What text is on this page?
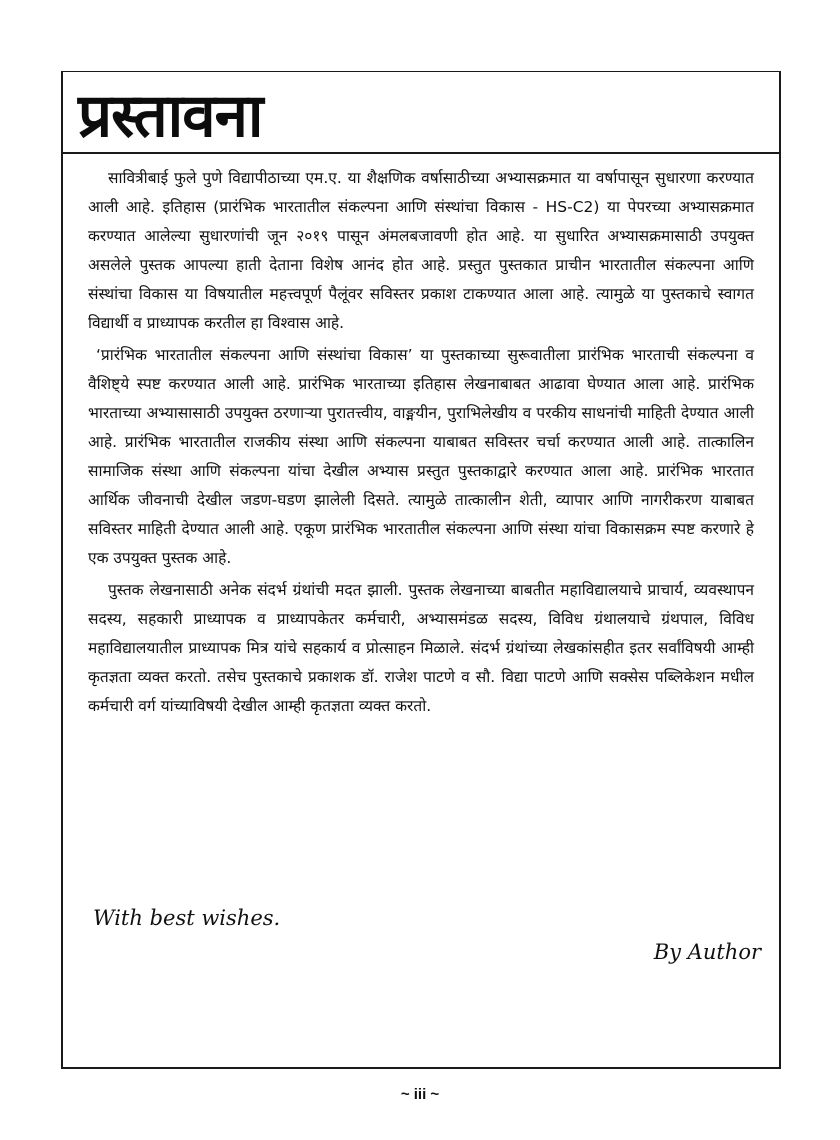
प्रस्तावना

सावित्रीबाई फुले पुणे विद्यापीठाच्या एम.ए. या शैक्षणिक वर्षासाठीच्या अभ्यासक्रमात या वर्षापासून सुधारणा करण्यात आली आहे. इतिहास (प्रारंभिक भारतातील संकल्पना आणि संस्थांचा विकास - HS-C2) या पेपरच्या अभ्यासक्रमात करण्यात आलेल्या सुधारणांची जून २०१९ पासून अंमलबजावणी होत आहे. या सुधारित अभ्यासक्रमासाठी उपयुक्त असलेले पुस्तक आपल्या हाती देताना विशेष आनंद होत आहे. प्रस्तुत पुस्तकात प्राचीन भारतातील संकल्पना आणि संस्थांचा विकास या विषयातील महत्त्वपूर्ण पैलूंवर सविस्तर प्रकाश टाकण्यात आला आहे. त्यामुळे या पुस्तकाचे स्वागत विद्यार्थी व प्राध्यापक करतील हा विश्वास आहे.

‘प्रारंभिक भारतातील संकल्पना आणि संस्थांचा विकास’ या पुस्तकाच्या सुरूवातीला प्रारंभिक भारताची संकल्पना व वैशिष्ट्ये स्पष्ट करण्यात आली आहे. प्रारंभिक भारताच्या इतिहास लेखनाबाबत आढावा घेण्यात आला आहे. प्रारंभिक भारताच्या अभ्यासासाठी उपयुक्त ठरणाऱ्या पुरातत्त्वीय, वाङ्मयीन, पुराभिलेखीय व परकीय साधनांची माहिती देण्यात आली आहे. प्रारंभिक भारतातील राजकीय संस्था आणि संकल्पना याबाबत सविस्तर चर्चा करण्यात आली आहे. तात्कालिन सामाजिक संस्था आणि संकल्पना यांचा देखील अभ्यास प्रस्तुत पुस्तकाद्वारे करण्यात आला आहे. प्रारंभिक भारतात आर्थिक जीवनाची देखील जडण-घडण झालेली दिसते. त्यामुळे तात्कालीन शेती, व्यापार आणि नागरीकरण याबाबत सविस्तर माहिती देण्यात आली आहे. एकूण प्रारंभिक भारतातील संकल्पना आणि संस्था यांचा विकासक्रम स्पष्ट करणारे हे एक उपयुक्त पुस्तक आहे.

पुस्तक लेखनासाठी अनेक संदर्भ ग्रंथांची मदत झाली. पुस्तक लेखनाच्या बाबतीत महाविद्यालयाचे प्राचार्य, व्यवस्थापन सदस्य, सहकारी प्राध्यापक व प्राध्यापकेतर कर्मचारी, अभ्यासमंडळ सदस्य, विविध ग्रंथालयाचे ग्रंथपाल, विविध महाविद्यालयातील प्राध्यापक मित्र यांचे सहकार्य व प्रोत्साहन मिळाले. संदर्भ ग्रंथांच्या लेखकांसहीत इतर सर्वांविषयी आम्ही कृतज्ञता व्यक्त करतो. तसेच पुस्तकाचे प्रकाशक डॉ. राजेश पाटणे व सौ. विद्या पाटणे आणि सक्सेस पब्लिकेशन मधील कर्मचारी वर्ग यांच्याविषयी देखील आम्ही कृतज्ञता व्यक्त करतो.

With best wishes.
By Author
~ iii ~
